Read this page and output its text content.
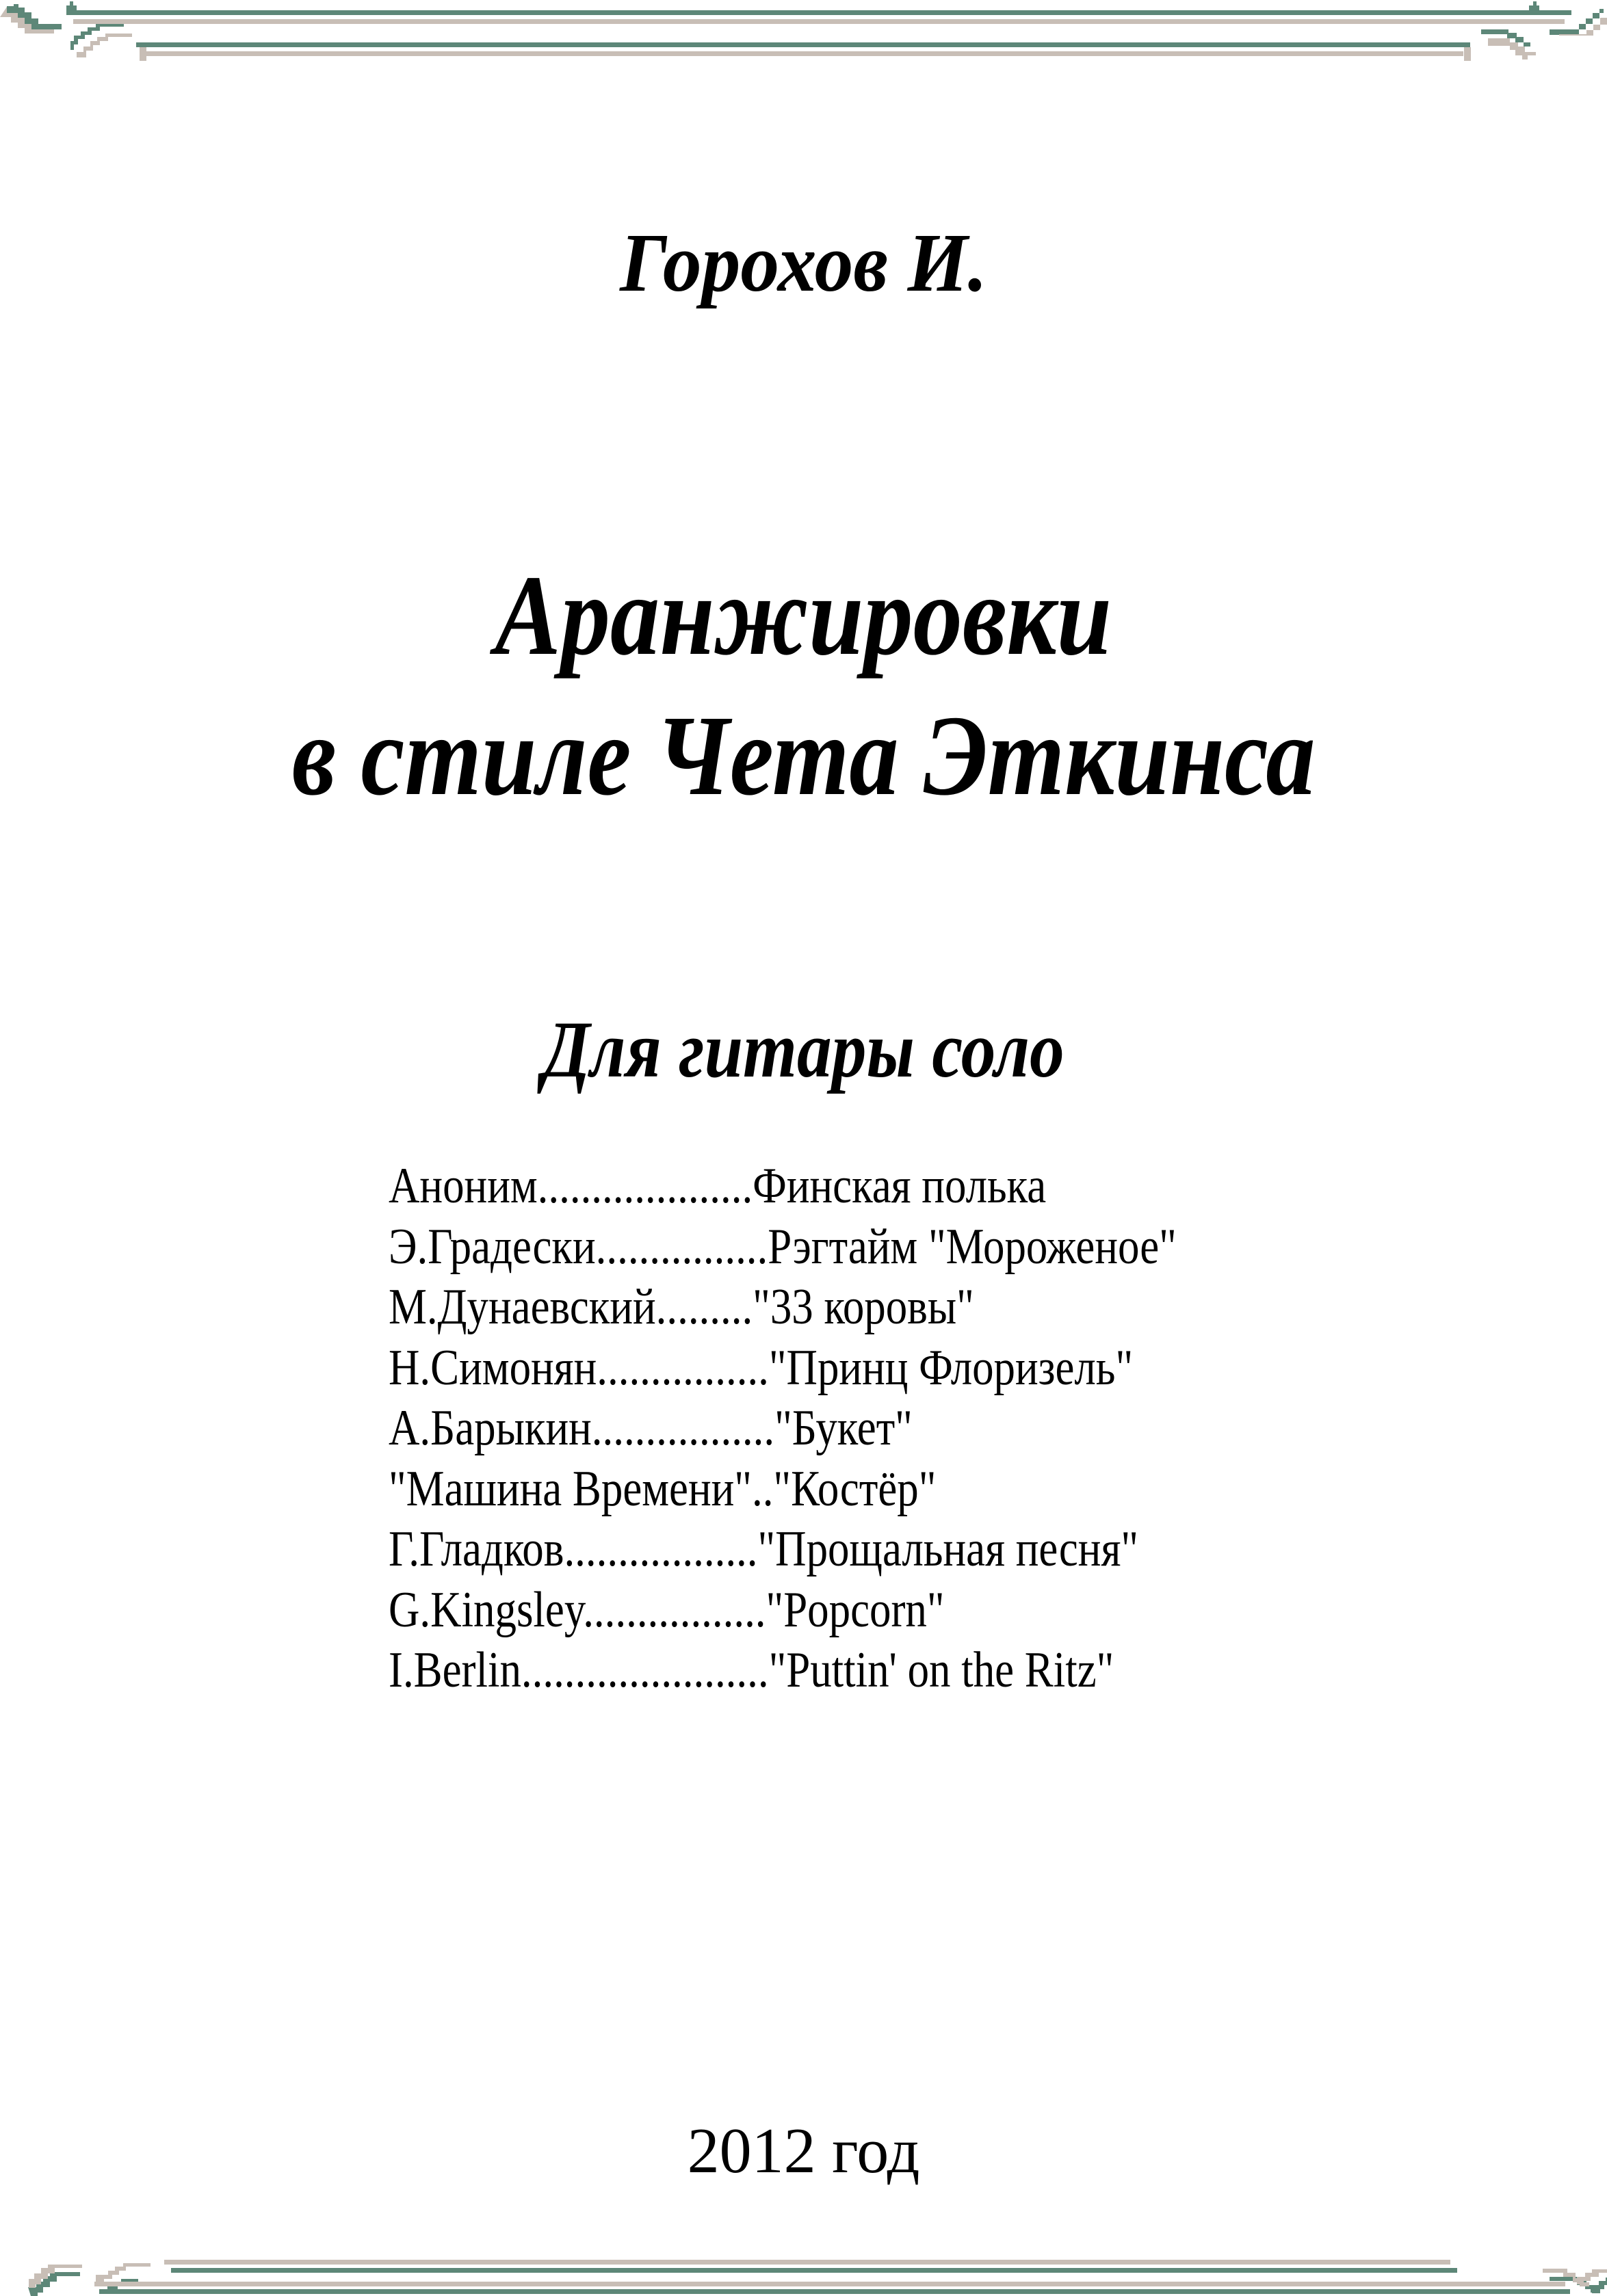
Горохов И.
Аранжировки
в стиле Чета Эткинса
Для гитары соло
Аноним....................Финская полька
Э.Градески................Рэгтайм "Мороженое"
М.Дунаевский........."33 коровы"
Н.Симонян................"Принц Флоризель"
А.Барыкин................."Букет"
"Машина Времени".."Костёр"
Г.Гладков.................."Прощальная песня"
G.Kingsley................."Popcorn"
I.Berlin......................."Puttin' on the Ritz"
2012 год
